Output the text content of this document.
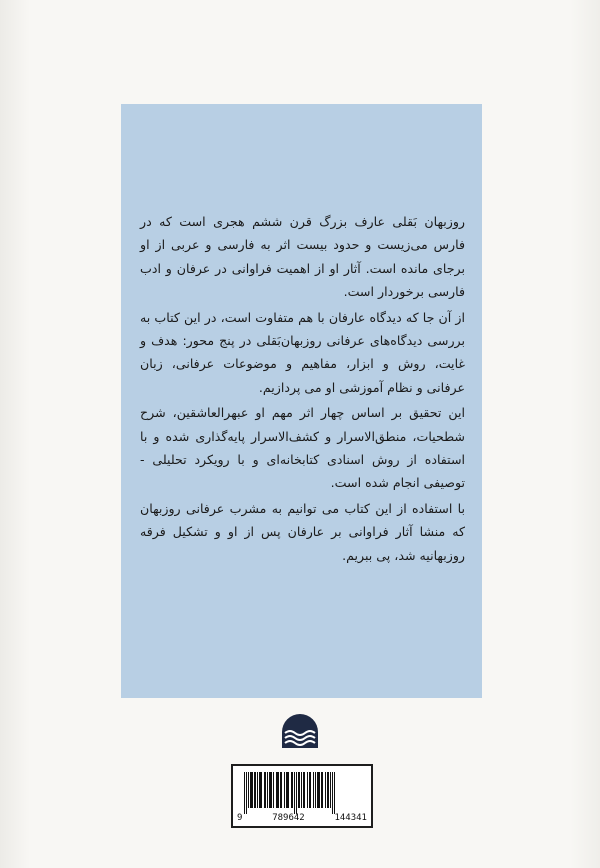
روزبهان بَقلی عارف بزرگ قرن ششم هجری است که در فارس می‌زیست و حدود بیست اثر به فارسی و عربی از او برجای مانده است. آثار او از اهمیت فراوانی در عرفان و ادب فارسی برخوردار است.

از آن جا که دیدگاه عارفان با هم متفاوت است، در این کتاب به بررسی دیدگاه‌های عرفانی روزبهان‌بَقلی در پنج محور: هدف و غایت، روش و ابزار، مفاهیم و موضوعات عرفانی، زبان عرفانی و نظام آموزشی او می پردازیم.

این تحقیق بر اساس چهار اثر مهم او عبهرالعاشقین، شرح شطحیات، منطق‌الاسرار و کشف‌الاسرار پایه‌گذاری شده و با استفاده از روش اسنادی کتابخانه‌ای و با رویکرد تحلیلی - توصیفی انجام شده است.

با استفاده از این کتاب می توانیم به مشرب عرفانی روزبهان که منشا آثار فراوانی بر عارفان پس از او و تشکیل فرقه روزبهانیه شد، پی ببریم.

9	789642	144341
